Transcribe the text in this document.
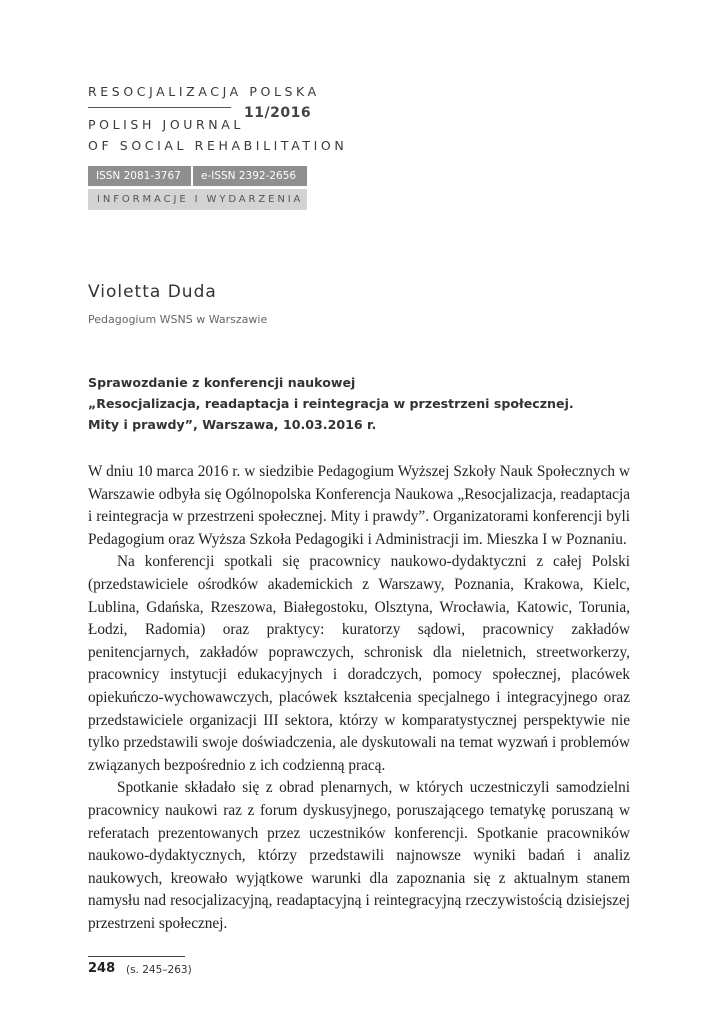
RESOCJALIZACJA POLSKA
11/2016
POLISH JOURNAL
OF SOCIAL REHABILITATION
ISSN 2081-3767	e-ISSN 2392-2656
INFORMACJE I WYDARZENIA
Violetta Duda
Pedagogium WSNS w Warszawie
Sprawozdanie z konferencji naukowej
„Resocjalizacja, readaptacja i reintegracja w przestrzeni społecznej.
Mity i prawdy”, Warszawa, 10.03.2016 r.

W dniu 10 marca 2016 r. w siedzibie Pedagogium Wyższej Szkoły Nauk Społecznych w Warszawie odbyła się Ogólnopolska Konferencja Naukowa „Resocjalizacja, readaptacja i reintegracja w przestrzeni społecznej. Mity i prawdy”. Organizatorami konferencji byli Pedagogium oraz Wyższa Szkoła Pedagogiki i Administracji im. Mieszka I w Poznaniu.

Na konferencji spotkali się pracownicy naukowo-dydaktyczni z całej Polski (przedstawiciele ośrodków akademickich z Warszawy, Poznania, Krakowa, Kielc, Lublina, Gdańska, Rzeszowa, Białegostoku, Olsztyna, Wrocławia, Katowic, Torunia, Łodzi, Radomia) oraz praktycy: kuratorzy sądowi, pracownicy zakładów penitencjarnych, zakładów poprawczych, schronisk dla nieletnich, streetworkerzy, pracownicy instytucji edukacyjnych i doradczych, pomocy społecznej, placówek opiekuńczo-wychowawczych, placówek kształcenia specjalnego i integracyjnego oraz przedstawiciele organizacji III sektora, którzy w komparatystycznej perspektywie nie tylko przedstawili swoje doświadczenia, ale dyskutowali na temat wyzwań i problemów związanych bezpośrednio z ich codzienną pracą.

Spotkanie składało się z obrad plenarnych, w których uczestniczyli samodzielni pracownicy naukowi raz z forum dyskusyjnego, poruszającego tematykę poruszaną w referatach prezentowanych przez uczestników konferencji. Spotkanie pracowników naukowo-dydaktycznych, którzy przedstawili najnowsze wyniki badań i analiz naukowych, kreowało wyjątkowe warunki dla zapoznania się z aktualnym stanem namysłu nad resocjalizacyjną, readaptacyjną i reintegracyjną rzeczywistością dzisiejszej przestrzeni społecznej.

248 (s. 245–263)
